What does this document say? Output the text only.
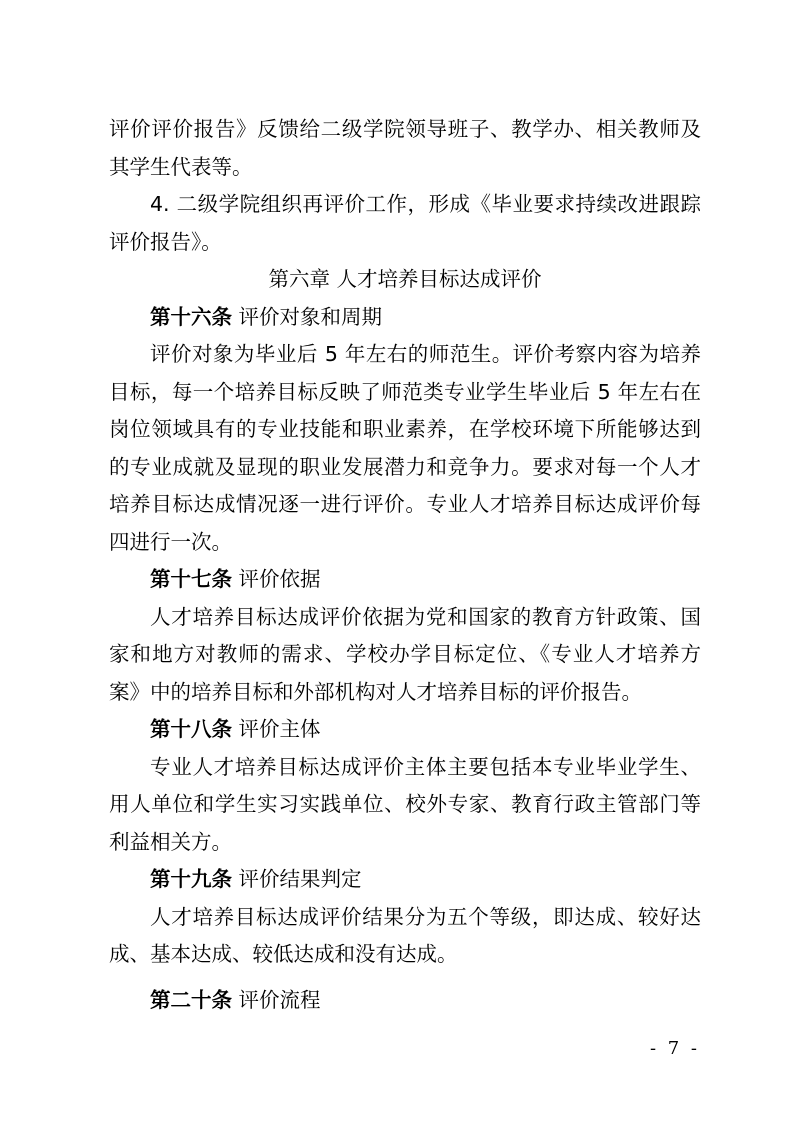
评价评价报告》反馈给二级学院领导班子、教学办、相关教师及其学生代表等。

4. 二级学院组织再评价工作，形成《毕业要求持续改进跟踪评价报告》。

第六章 人才培养目标达成评价

第十六条 评价对象和周期

评价对象为毕业后 5 年左右的师范生。评价考察内容为培养目标，每一个培养目标反映了师范类专业学生毕业后 5 年左右在岗位领域具有的专业技能和职业素养，在学校环境下所能够达到的专业成就及显现的职业发展潜力和竞争力。要求对每一个人才培养目标达成情况逐一进行评价。专业人才培养目标达成评价每四进行一次。

第十七条 评价依据

人才培养目标达成评价依据为党和国家的教育方针政策、国家和地方对教师的需求、学校办学目标定位、《专业人才培养方案》中的培养目标和外部机构对人才培养目标的评价报告。

第十八条 评价主体

专业人才培养目标达成评价主体主要包括本专业毕业学生、用人单位和学生实习实践单位、校外专家、教育行政主管部门等利益相关方。

第十九条 评价结果判定

人才培养目标达成评价结果分为五个等级，即达成、较好达成、基本达成、较低达成和没有达成。

第二十条 评价流程

- 7 -
